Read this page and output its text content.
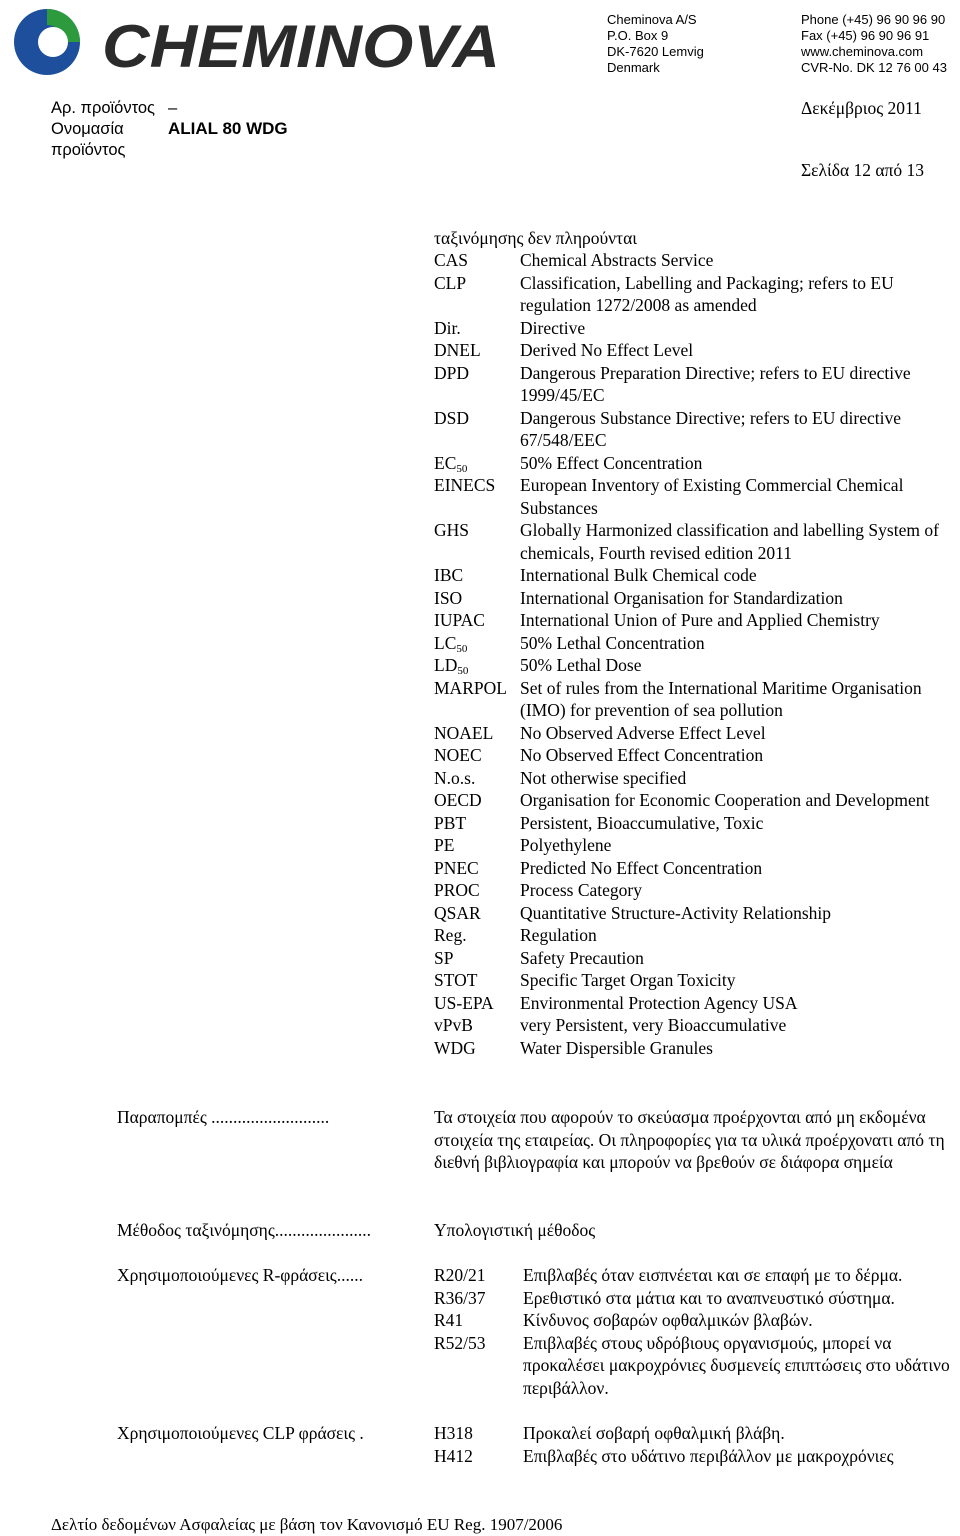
CHEMINOVA	Cheminova A/S
P.O. Box 9
DK-7620 Lemvig
Denmark
Phone (+45) 96 90 96 90
Fax (+45) 96 90 96 91
www.cheminova.com
CVR-No. DK 12 76 00 43
Αρ. προϊόντος –
Ονομασία προϊόντος
ALIAL 80 WDG
Δεκέμβριος 2011
Σελίδα 12 από 13
ταξινόμησης δεν πληρούνται
CAS	Chemical Abstracts Service
CLP	Classification, Labelling and Packaging; refers to EU regulation 1272/2008 as amended
Dir.	Directive
DNEL	Derived No Effect Level
DPD	Dangerous Preparation Directive; refers to EU directive 1999/45/EC
DSD	Dangerous Substance Directive; refers to EU directive 67/548/EEC
$EC_{50}$	50% Effect Concentration
EINECS	European Inventory of Existing Commercial Chemical Substances
GHS	Globally Harmonized classification and labelling System of chemicals, Fourth revised edition 2011
IBC	International Bulk Chemical code
ISO	International Organisation for Standardization
IUPAC	International Union of Pure and Applied Chemistry
$LC_{50}$	50% Lethal Concentration
$LD_{50}$	50% Lethal Dose
MARPOL Set of rules from the International Maritime Organisation (IMO) for prevention of sea pollution
NOAEL	No Observed Adverse Effect Level
NOEC	No Observed Effect Concentration
N.o.s.	Not otherwise specified
OECD	Organisation for Economic Cooperation and Development
PBT	Persistent, Bioaccumulative, Toxic
PE	Polyethylene
PNEC	Predicted No Effect Concentration
PROC	Process Category
QSAR	Quantitative Structure-Activity Relationship
Reg.	Regulation
SP	Safety Precaution
STOT	Specific Target Organ Toxicity
US-EPA	Environmental Protection Agency USA
vPvB	very Persistent, very Bioaccumulative
WDG	Water Dispersible Granules
Παραπομπές ...........................	Τα στοιχεία που αφορούν το σκεύασμα προέρχονται από μη εκδομένα στοιχεία της εταιρείας. Οι πληροφορίες για τα υλικά προέρχονατι από τη διεθνή βιβλιογραφία και μπορούν να βρεθούν σε διάφορα σημεία
Μέθοδος ταξινόμησης......................	Υπολογιστική μέθοδος
Χρησιμοποιούμενες R-φράσεις......	R20/21	Επιβλαβές όταν εισπνέεται και σε επαφή με το δέρμα.
R36/37	Ερεθιστικό στα μάτια και το αναπνευστικό σύστημα.
R41	Κίνδυνος σοβαρών οφθαλμικών βλαβών.
R52/53	Επιβλαβές στους υδρόβιους οργανισμούς, μπορεί να προκαλέσει μακροχρόνιες δυσμενείς επιπτώσεις στο υδάτινο περιβάλλον.
Χρησιμοποιούμενες CLP φράσεις .	H318	Προκαλεί σοβαρή οφθαλμική βλάβη.
H412	Επιβλαβές στο υδάτινο περιβάλλον με μακροχρόνιες
Δελτίο δεδομένων Ασφαλείας με βάση τον Κανονισμό EU Reg. 1907/2006
